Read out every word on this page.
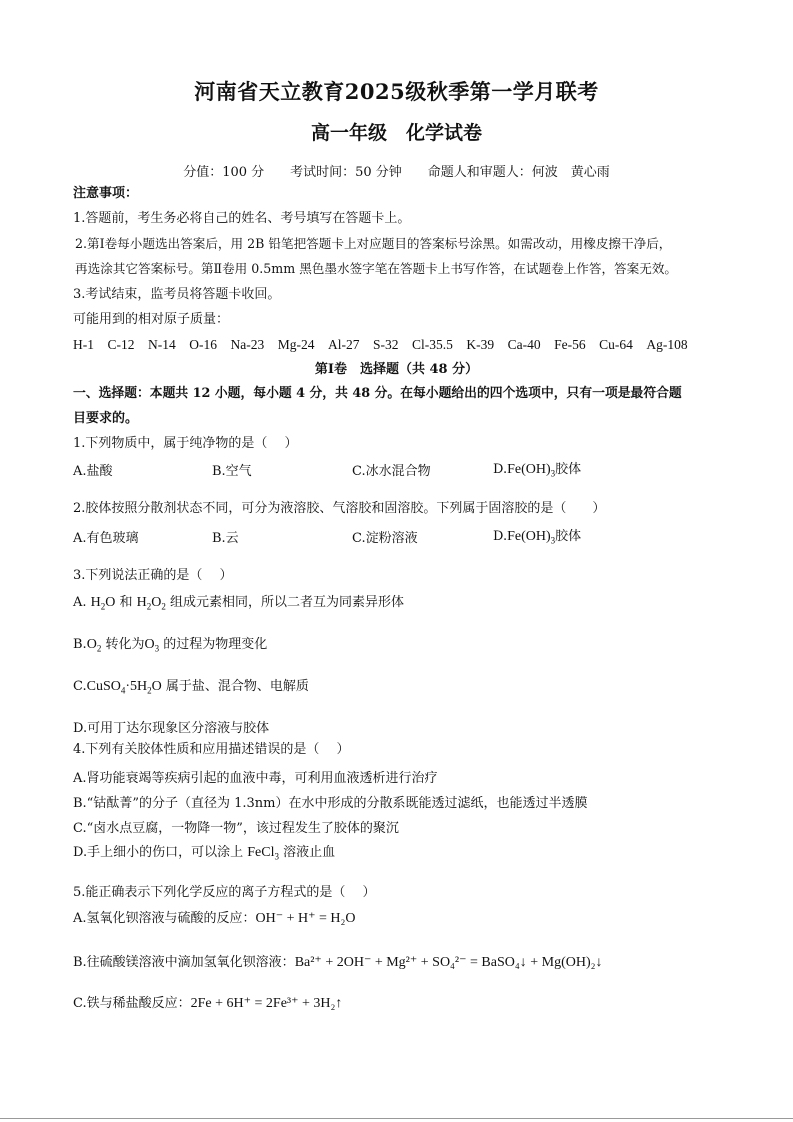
河南省天立教育2025级秋季第一学月联考
高一年级　化学试卷
分值：100 分　　考试时间：50 分钟　　命题人和审题人：何波　黄心雨
注意事项：
1.答题前，考生务必将自己的姓名、考号填写在答题卡上。
2.第Ⅰ卷每小题选出答案后，用 2B 铅笔把答题卡上对应题目的答案标号涂黑。如需改动，用橡皮擦干净后，
再选涂其它答案标号。第Ⅱ卷用 0.5mm 黑色墨水签字笔在答题卡上书写作答，在试题卷上作答，答案无效。
3.考试结束，监考员将答题卡收回。
可能用到的相对原子质量：
H-1　C-12　N-14　O-16　Na-23　Mg-24　Al-27　S-32　Cl-35.5　K-39　Ca-40　Fe-56　Cu-64　Ag-108
第Ⅰ卷　选择题（共 48 分）
一、选择题：本题共 12 小题，每小题 4 分，共 48 分。在每小题给出的四个选项中，只有一项是最符合题
目要求的。
1.下列物质中，属于纯净物的是（　 ）
A.盐酸	B.空气	C.冰水混合物	$D.Fe(OH)_3$胶体
2.胶体按照分散剂状态不同，可分为液溶胶、气溶胶和固溶胶。下列属于固溶胶的是（　　）
A.有色玻璃	B.云	C.淀粉溶液	$D.Fe(OH)_3$胶体
3.下列说法正确的是（　 ）
A. $H_2O$ 和 $H_2O_2$ 组成元素相同，所以二者互为同素异形体
$B.O_2$ 转化为$O_3$ 的过程为物理变化
$C.CuSO_4\cdot 5H_2O$ 属于盐、混合物、电解质
D.可用丁达尔现象区分溶液与胶体
4.下列有关胶体性质和应用描述错误的是（　 ）
A.肾功能衰竭等疾病引起的血液中毒，可利用血液透析进行治疗
B.“钴酞菁”的分子（直径为 1.3nm）在水中形成的分散系既能透过滤纸，也能透过半透膜
C.“卤水点豆腐，一物降一物”，该过程发生了胶体的聚沉
D.手上细小的伤口，可以涂上 FeCl$_3$ 溶液止血
5.能正确表示下列化学反应的离子方程式的是（　 ）
A.氢氧化钡溶液与硫酸的反应：OH⁻ + H⁺ = H₂O
B.往硫酸镁溶液中滴加氢氧化钡溶液：Ba²⁺ + 2OH⁻ + Mg²⁺ + SO₄²⁻ = BaSO₄↓ + Mg(OH)₂↓
C.铁与稀盐酸反应：2Fe + 6H⁺ = 2Fe³⁺ + 3H₂↑
